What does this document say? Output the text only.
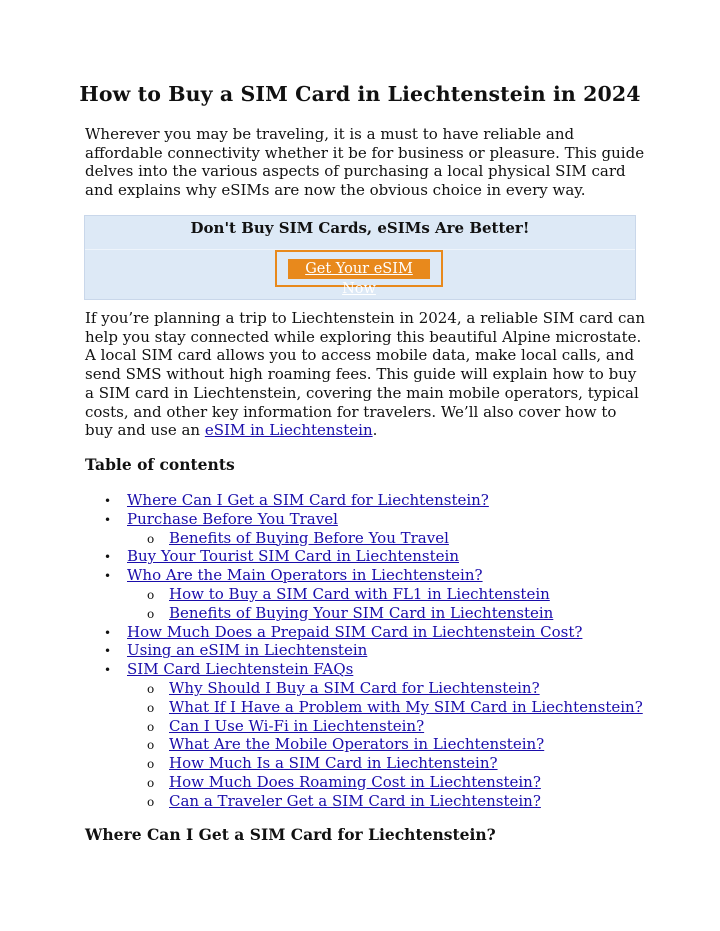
How to Buy a SIM Card in Liechtenstein in 2024

Wherever you may be traveling, it is a must to have reliable and affordable connectivity whether it be for business or pleasure. This guide delves into the various aspects of purchasing a local physical SIM card and explains why eSIMs are now the obvious choice in every way.

Don't Buy SIM Cards, eSIMs Are Better!

Get Your eSIM Now

If you’re planning a trip to Liechtenstein in 2024, a reliable SIM card can help you stay connected while exploring this beautiful Alpine microstate. A local SIM card allows you to access mobile data, make local calls, and send SMS without high roaming fees. This guide will explain how to buy a SIM card in Liechtenstein, covering the main mobile operators, typical costs, and other key information for travelers. We’ll also cover how to buy and use an eSIM in Liechtenstein.

Table of contents

• Where Can I Get a SIM Card for Liechtenstein?
• Purchase Before You Travel
o Benefits of Buying Before You Travel
• Buy Your Tourist SIM Card in Liechtenstein
• Who Are the Main Operators in Liechtenstein?
o How to Buy a SIM Card with FL1 in Liechtenstein
o Benefits of Buying Your SIM Card in Liechtenstein
• How Much Does a Prepaid SIM Card in Liechtenstein Cost?
• Using an eSIM in Liechtenstein
• SIM Card Liechtenstein FAQs
o Why Should I Buy a SIM Card for Liechtenstein?
o What If I Have a Problem with My SIM Card in Liechtenstein?
o Can I Use Wi-Fi in Liechtenstein?
o What Are the Mobile Operators in Liechtenstein?
o How Much Is a SIM Card in Liechtenstein?
o How Much Does Roaming Cost in Liechtenstein?
o Can a Traveler Get a SIM Card in Liechtenstein?
Where Can I Get a SIM Card for Liechtenstein?
